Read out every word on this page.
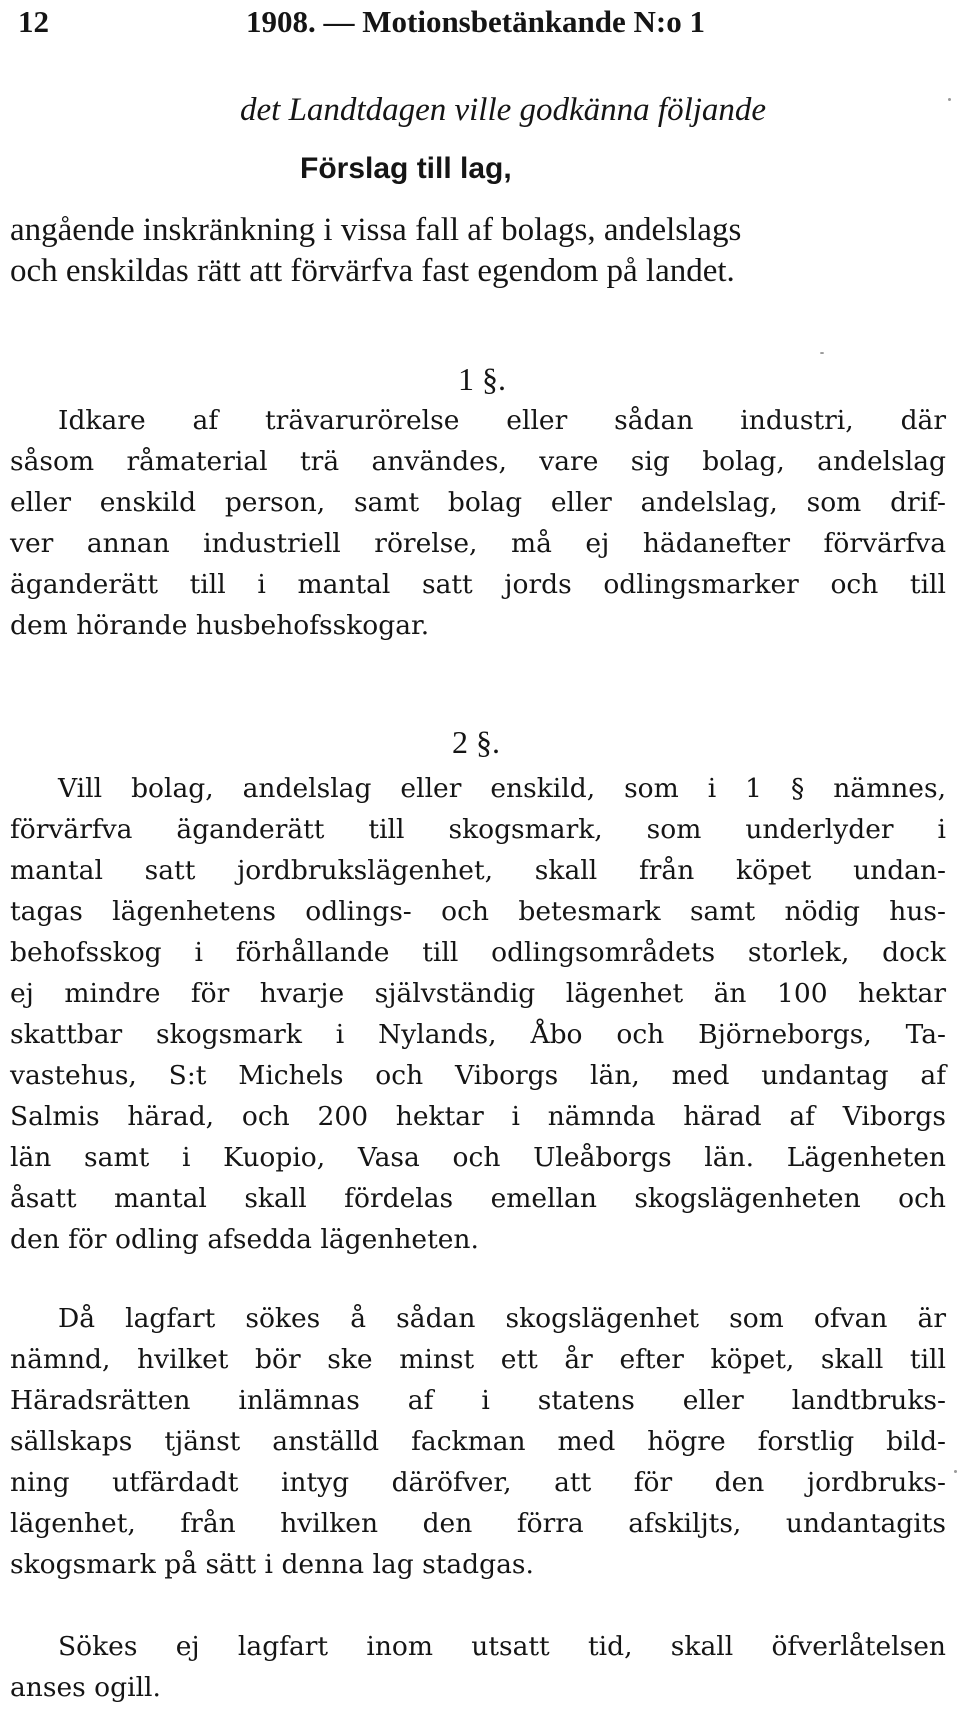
12	1908. — Motionsbetänkande N:o 1
det Landtdagen ville godkänna följande
Förslag till lag,
angående inskränkning i vissa fall af bolags, andelslags
och enskildas rätt att förvärfva fast egendom på landet.
1 §.
Idkare af trävarurörelse eller sådan industri, där
såsom råmaterial trä användes, vare sig bolag, andelslag
eller enskild person, samt bolag eller andelslag, som drif-
ver annan industriell rörelse, må ej hädanefter förvärfva
äganderätt till i mantal satt jords odlingsmarker och till
dem hörande husbehofsskogar.
2 §.
Vill bolag, andelslag eller enskild, som i 1 § nämnes,
förvärfva äganderätt till skogsmark, som underlyder i
mantal satt jordbrukslägenhet, skall från köpet undan-
tagas lägenhetens odlings- och betesmark samt nödig hus-
behofsskog i förhållande till odlingsområdets storlek, dock
ej mindre för hvarje självständig lägenhet än 100 hektar
skattbar skogsmark i Nylands, Åbo och Björneborgs, Ta-
vastehus, S:t Michels och Viborgs län, med undantag af
Salmis härad, och 200 hektar i nämnda härad af Viborgs
län samt i Kuopio, Vasa och Uleåborgs län. Lägenheten
åsatt mantal skall fördelas emellan skogslägenheten och
den för odling afsedda lägenheten.
Då lagfart sökes å sådan skogslägenhet som ofvan är
nämnd, hvilket bör ske minst ett år efter köpet, skall till
Häradsrätten inlämnas af i statens eller landtbruks-
sällskaps tjänst anställd fackman med högre forstlig bild-
ning utfärdadt intyg däröfver, att för den jordbruks-
lägenhet, från hvilken den förra afskiljts, undantagits
skogsmark på sätt i denna lag stadgas.
Sökes ej lagfart inom utsatt tid, skall öfverlåtelsen
anses ogill.
